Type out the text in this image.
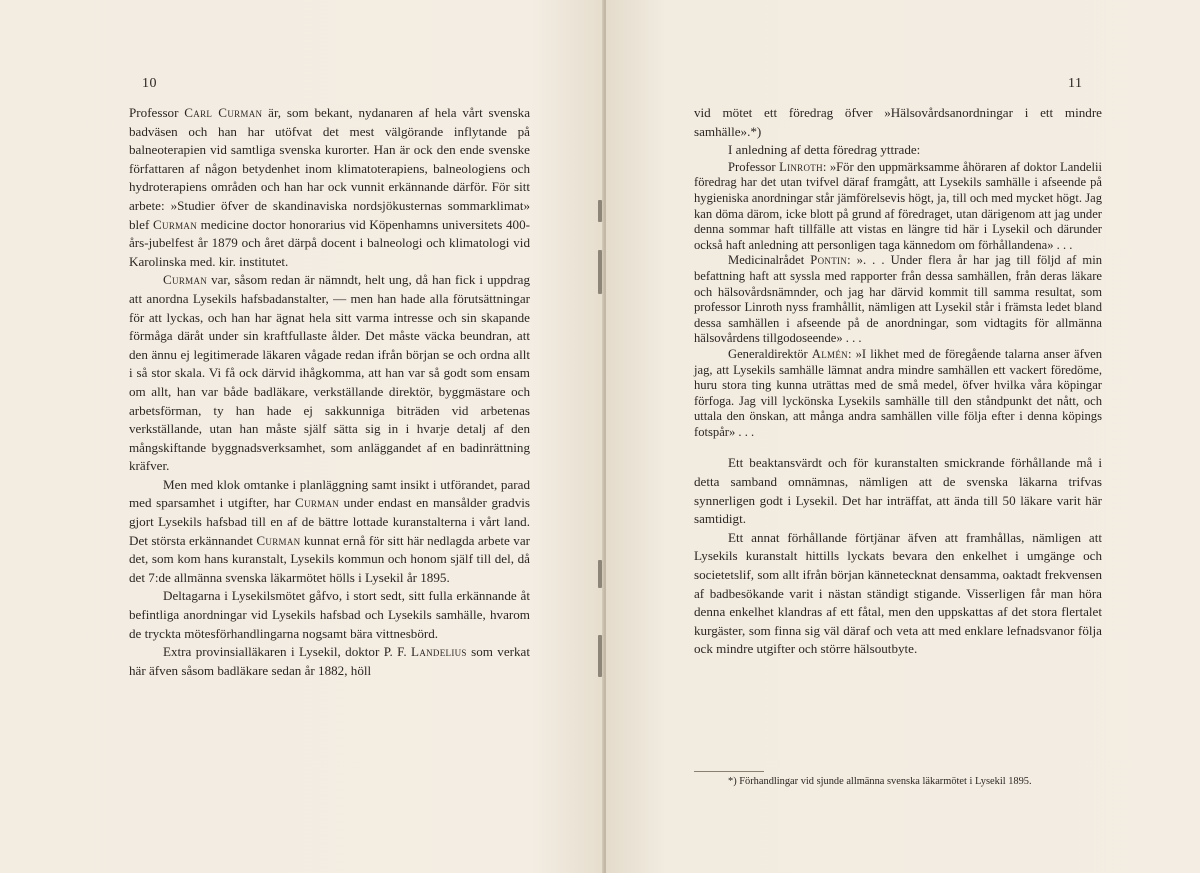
10

Professor Carl Curman är, som bekant, nydanaren af hela vårt svenska badväsen och han har utöfvat det mest välgörande inflytande på balneoterapien vid samtliga svenska kurorter. Han är ock den ende svenske författaren af någon betydenhet inom klimatoterapiens, balneologiens och hydroterapiens områden och han har ock vunnit erkännande därför. För sitt arbete: »Studier öfver de skandinaviska nordsjökusternas sommarklimat» blef Curman medicine doctor honorarius vid Köpenhamns universitets 400-års-jubelfest år 1879 och året därpå docent i balneologi och klimatologi vid Karolinska med. kir. institutet.

Curman var, såsom redan är nämndt, helt ung, då han fick i uppdrag att anordna Lysekils hafsbadanstalter, — men han hade alla förutsättningar för att lyckas, och han har ägnat hela sitt varma intresse och sin skapande förmåga däråt under sin kraftfullaste ålder. Det måste väcka beundran, att den ännu ej legitimerade läkaren vågade redan ifrån början se och ordna allt i så stor skala. Vi få ock därvid ihågkomma, att han var så godt som ensam om allt, han var både badläkare, verkställande direktör, byggmästare och arbetsförman, ty han hade ej sakkunniga biträden vid arbetenas verkställande, utan han måste själf sätta sig in i hvarje detalj af den mångskiftande byggnadsverksamhet, som anläggandet af en badinrättning kräfver.

Men med klok omtanke i planläggning samt insikt i utförandet, parad med sparsamhet i utgifter, har Curman under endast en mansålder gradvis gjort Lysekils hafsbad till en af de bättre lottade kuranstalterna i vårt land. Det största erkännandet Curman kunnat ernå för sitt här nedlagda arbete var det, som kom hans kuranstalt, Lysekils kommun och honom själf till del, då det 7:de allmänna svenska läkarmötet hölls i Lysekil år 1895.

Deltagarna i Lysekilsmötet gåfvo, i stort sedt, sitt fulla erkännande åt befintliga anordningar vid Lysekils hafsbad och Lysekils samhälle, hvarom de tryckta mötesförhandlingarna nogsamt bära vittnesbörd.

Extra provinsialläkaren i Lysekil, doktor P. F. Landelius som verkat här äfven såsom badläkare sedan år 1882, höll

11

vid mötet ett föredrag öfver »Hälsovårdsanordningar i ett mindre samhälle».*)

I anledning af detta föredrag yttrade:

Professor Linroth: »För den uppmärksamme åhöraren af doktor Landelii föredrag har det utan tvifvel däraf framgått, att Lysekils samhälle i afseende på hygieniska anordningar står jämförelsevis högt, ja, till och med mycket högt. Jag kan döma därom, icke blott på grund af föredraget, utan därigenom att jag under denna sommar haft tillfälle att vistas en längre tid här i Lysekil och därunder också haft anledning att personligen taga kännedom om förhållandena» . . .

Medicinalrådet Pontin: ». . . Under flera år har jag till följd af min befattning haft att syssla med rapporter från dessa samhällen, från deras läkare och hälsovårdsnämnder, och jag har därvid kommit till samma resultat, som professor Linroth nyss framhållit, nämligen att Lysekil står i främsta ledet bland dessa samhällen i afseende på de anordningar, som vidtagits för allmänna hälsovårdens tillgodoseende» . . .

Generaldirektör Almén: »I likhet med de föregående talarna anser äfven jag, att Lysekils samhälle lämnat andra mindre samhällen ett vackert föredöme, huru stora ting kunna uträttas med de små medel, öfver hvilka våra köpingar förfoga. Jag vill lyckönska Lysekils samhälle till den ståndpunkt det nått, och uttala den önskan, att många andra samhällen ville följa efter i denna köpings fotspår» . . .

Ett beaktansvärdt och för kuranstalten smickrande förhållande må i detta samband omnämnas, nämligen att de svenska läkarna trifvas synnerligen godt i Lysekil. Det har inträffat, att ända till 50 läkare varit här samtidigt.

Ett annat förhållande förtjänar äfven att framhållas, nämligen att Lysekils kuranstalt hittills lyckats bevara den enkelhet i umgänge och societetslif, som allt ifrån början kännetecknat densamma, oaktadt frekvensen af badbesökande varit i nästan ständigt stigande. Visserligen får man höra denna enkelhet klandras af ett fåtal, men den uppskattas af det stora flertalet kurgäster, som finna sig väl däraf och veta att med enklare lefnadsvanor följa ock mindre utgifter och större hälsoutbyte.

*) Förhandlingar vid sjunde allmänna svenska läkarmötet i Lysekil 1895.
